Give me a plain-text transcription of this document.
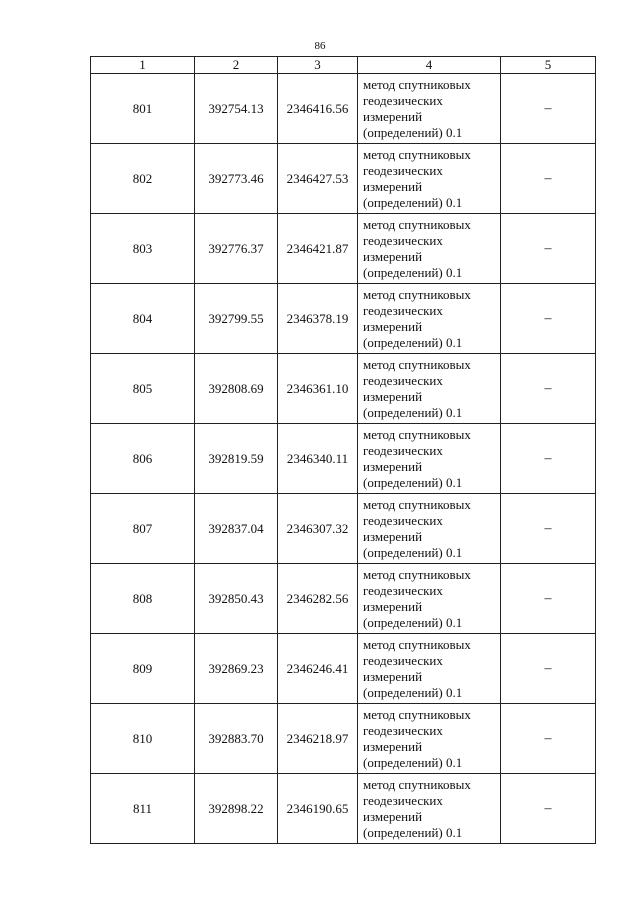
86
1	2	3	4	5
801	392754.13	2346416.56	метод спутниковых геодезических измерений (определений) 0.1	–
802	392773.46	2346427.53	метод спутниковых геодезических измерений (определений) 0.1	–
803	392776.37	2346421.87	метод спутниковых геодезических измерений (определений) 0.1	–
804	392799.55	2346378.19	метод спутниковых геодезических измерений (определений) 0.1	–
805	392808.69	2346361.10	метод спутниковых геодезических измерений (определений) 0.1	–
806	392819.59	2346340.11	метод спутниковых геодезических измерений (определений) 0.1	–
807	392837.04	2346307.32	метод спутниковых геодезических измерений (определений) 0.1	–
808	392850.43	2346282.56	метод спутниковых геодезических измерений (определений) 0.1	–
809	392869.23	2346246.41	метод спутниковых геодезических измерений (определений) 0.1	–
810	392883.70	2346218.97	метод спутниковых геодезических измерений (определений) 0.1	–
811	392898.22	2346190.65	метод спутниковых геодезических измерений (определений) 0.1	–
